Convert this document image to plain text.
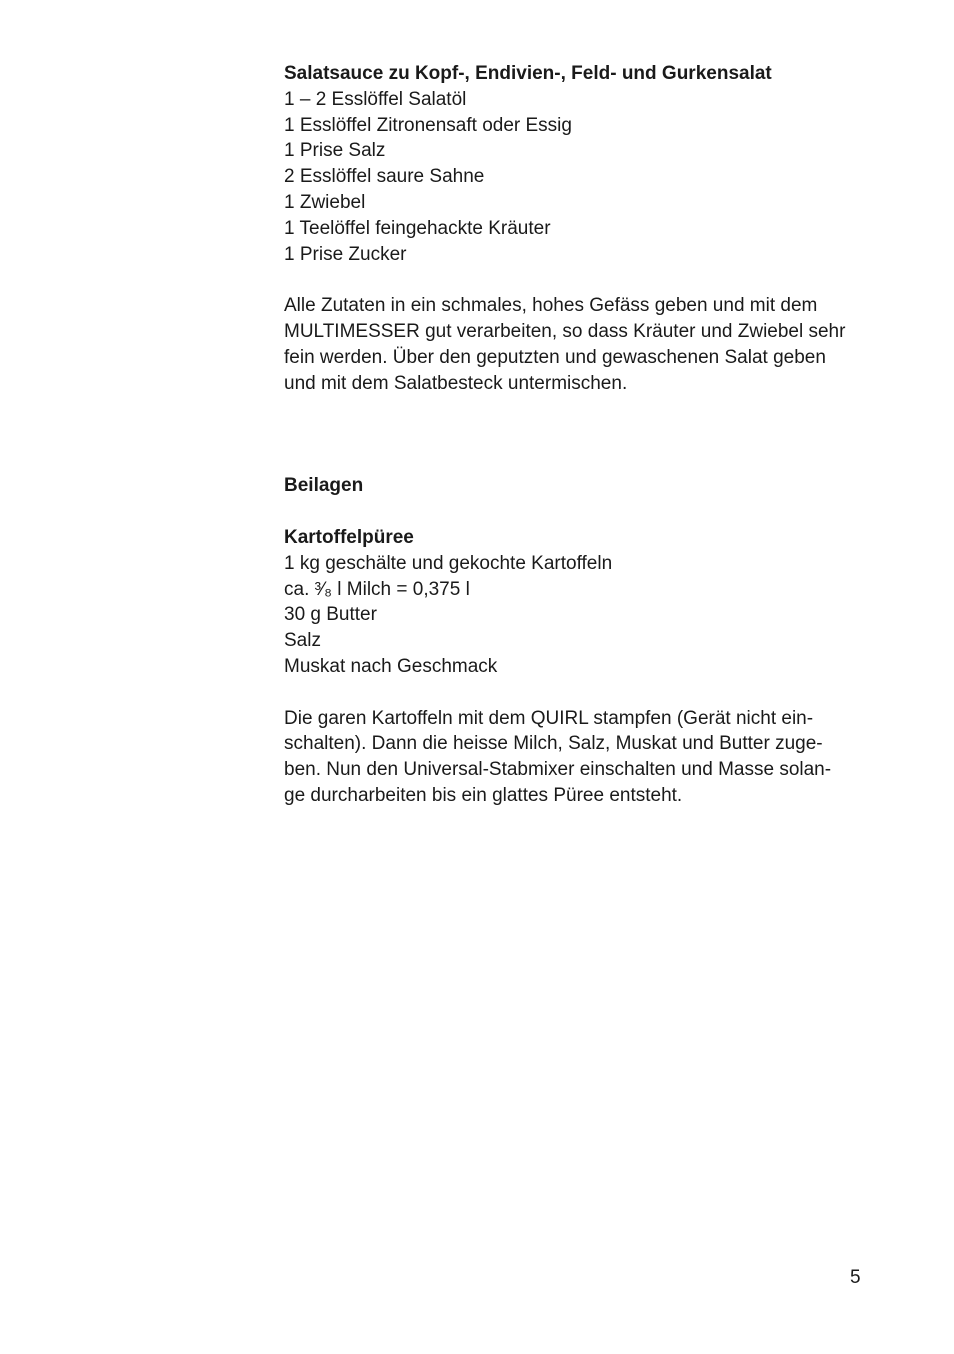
Salatsauce zu Kopf-, Endivien-, Feld- und Gurkensalat

1 – 2 Esslöffel Salatöl

1 Esslöffel Zitronensaft oder Essig

1 Prise Salz

2 Esslöffel saure Sahne

1 Zwiebel

1 Teelöffel feingehackte Kräuter

1 Prise Zucker

Alle Zutaten in ein schmales, hohes Gefäss geben und mit dem

MULTIMESSER gut verarbeiten, so dass Kräuter und Zwiebel sehr

fein werden. Über den geputzten und gewaschenen Salat geben

und mit dem Salatbesteck untermischen.

Beilagen

Kartoffelpüree

1 kg geschälte und gekochte Kartoffeln

ca. ³⁄₈ l Milch = 0,375 l

30 g Butter

Salz

Muskat nach Geschmack

Die garen Kartoffeln mit dem QUIRL stampfen (Gerät nicht ein-

schalten). Dann die heisse Milch, Salz, Muskat und Butter zuge-

ben. Nun den Universal-Stabmixer einschalten und Masse solan-

ge durcharbeiten bis ein glattes Püree entsteht.

5
